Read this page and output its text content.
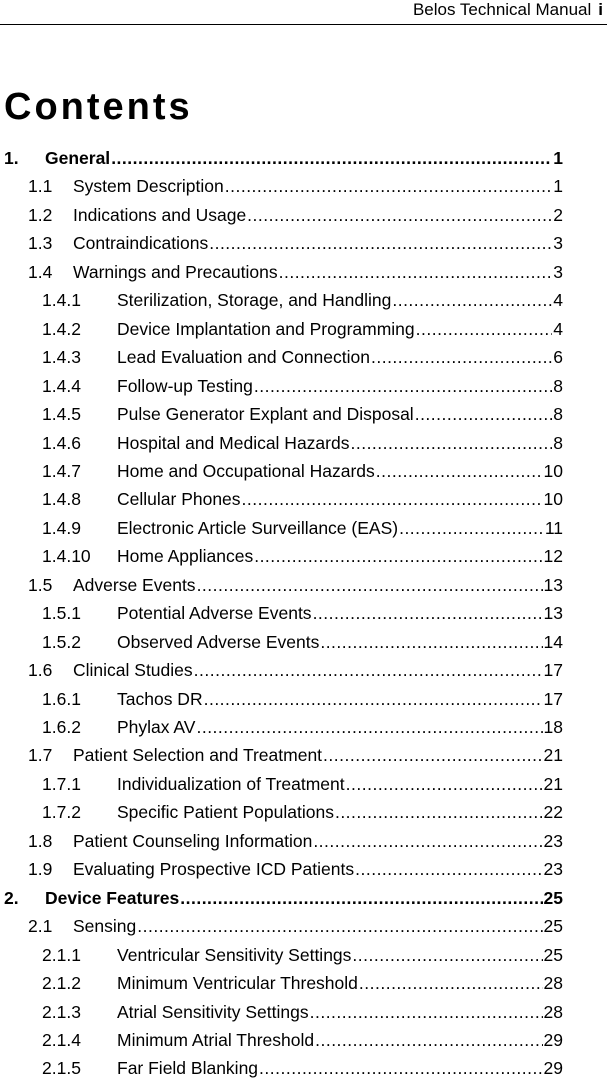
Belos Technical Manual i
Contents
1.	General .....	1
1.1	System Description .....	1
1.2	Indications and Usage .....	2
1.3	Contraindications .....	3
1.4	Warnings and Precautions .....	3
1.4.1	Sterilization, Storage, and Handling .....	4
1.4.2	Device Implantation and Programming .....	4
1.4.3	Lead Evaluation and Connection .....	6
1.4.4	Follow-up Testing .....	8
1.4.5	Pulse Generator Explant and Disposal .....	8
1.4.6	Hospital and Medical Hazards .....	8
1.4.7	Home and Occupational Hazards .....	10
1.4.8	Cellular Phones .....	10
1.4.9	Electronic Article Surveillance (EAS) .....	11
1.4.10	Home Appliances .....	12
1.5	Adverse Events .....	13
1.5.1	Potential Adverse Events .....	13
1.5.2	Observed Adverse Events .....	14
1.6	Clinical Studies .....	17
1.6.1	Tachos DR .....	17
1.6.2	Phylax AV .....	18
1.7	Patient Selection and Treatment .....	21
1.7.1	Individualization of Treatment .....	21
1.7.2	Specific Patient Populations .....	22
1.8	Patient Counseling Information .....	23
1.9	Evaluating Prospective ICD Patients .....	23
2.	Device Features .....	25
2.1	Sensing .....	25
2.1.1	Ventricular Sensitivity Settings .....	25
2.1.2	Minimum Ventricular Threshold .....	28
2.1.3	Atrial Sensitivity Settings .....	28
2.1.4	Minimum Atrial Threshold .....	29
2.1.5	Far Field Blanking .....	29
